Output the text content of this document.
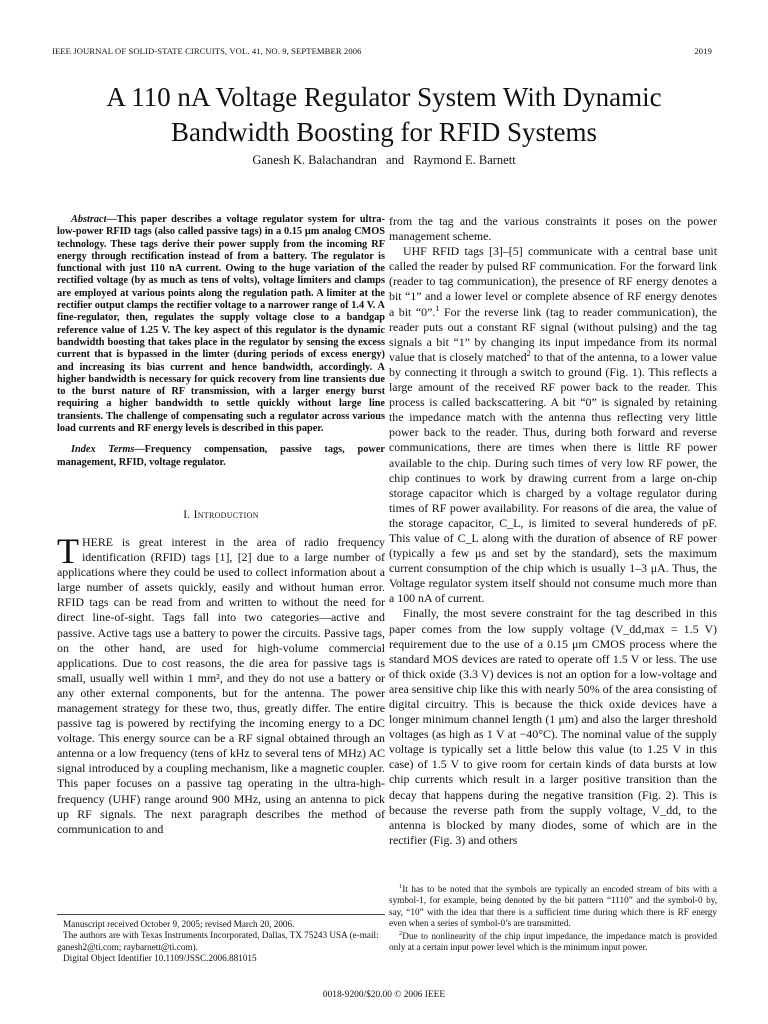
IEEE JOURNAL OF SOLID-STATE CIRCUITS, VOL. 41, NO. 9, SEPTEMBER 2006	2019
A 110 nA Voltage Regulator System With Dynamic
Bandwidth Boosting for RFID Systems
Ganesh K. Balachandran and Raymond E. Barnett
Abstract—This paper describes a voltage regulator system for ultra-low-power RFID tags (also called passive tags) in a 0.15 μm analog CMOS technology. These tags derive their power supply from the incoming RF energy through rectification instead of from a battery. The regulator is functional with just 110 nA current. Owing to the huge variation of the rectified voltage (by as much as tens of volts), voltage limiters and clamps are employed at various points along the regulation path. A limiter at the rectifier output clamps the rectifier voltage to a narrower range of 1.4 V. A fine-regulator, then, regulates the supply voltage close to a bandgap reference value of 1.25 V. The key aspect of this regulator is the dynamic bandwidth boosting that takes place in the regulator by sensing the excess current that is bypassed in the limter (during periods of excess energy) and increasing its bias current and hence bandwidth, accordingly. A higher bandwidth is necessary for quick recovery from line transients due to the burst nature of RF transmission, with a larger energy burst requiring a higher bandwidth to settle quickly without large line transients. The challenge of compensating such a regulator across various load currents and RF energy levels is described in this paper.
Index Terms—Frequency compensation, passive tags, power management, RFID, voltage regulator.
I. Introduction
THERE is great interest in the area of radio frequency identification (RFID) tags [1], [2] due to a large number of applications where they could be used to collect information about a large number of assets quickly, easily and without human error. RFID tags can be read from and written to without the need for direct line-of-sight. Tags fall into two categories—active and passive. Active tags use a battery to power the circuits. Passive tags, on the other hand, are used for high-volume commercial applications. Due to cost reasons, the die area for passive tags is small, usually well within 1 mm², and they do not use a battery or any other external components, but for the antenna. The power management strategy for these two, thus, greatly differ. The entire passive tag is powered by rectifying the incoming energy to a DC voltage. This energy source can be a RF signal obtained through an antenna or a low frequency (tens of kHz to several tens of MHz) AC signal introduced by a coupling mechanism, like a magnetic coupler. This paper focuses on a passive tag operating in the ultra-high-frequency (UHF) range around 900 MHz, using an antenna to pick up RF signals. The next paragraph describes the method of communication to and

from the tag and the various constraints it poses on the power management scheme.

UHF RFID tags [3]–[5] communicate with a central base unit called the reader by pulsed RF communication. For the forward link (reader to tag communication), the presence of RF energy denotes a bit “1” and a lower level or complete absence of RF energy denotes a bit “0”.$^1$ For the reverse link (tag to reader communication), the reader puts out a constant RF signal (without pulsing) and the tag signals a bit “1” by changing its input impedance from its normal value that is closely matched$^2$ to that of the antenna, to a lower value by connecting it through a switch to ground (Fig. 1). This reflects a large amount of the received RF power back to the reader. This process is called backscattering. A bit “0” is signaled by retaining the impedance match with the antenna thus reflecting very little power back to the reader. Thus, during both forward and reverse communications, there are times when there is little RF power available to the chip. During such times of very low RF power, the chip continues to work by drawing current from a large on-chip storage capacitor which is charged by a voltage regulator during times of RF power availability. For reasons of die area, the value of the storage capacitor, C_L, is limited to several hundereds of pF. This value of C_L along with the duration of absence of RF power (typically a few μs and set by the standard), sets the maximum current consumption of the chip which is usually 1–3 μA. Thus, the Voltage regulator system itself should not consume much more than a 100 nA of current.

Finally, the most severe constraint for the tag described in this paper comes from the low supply voltage (V_dd,max = 1.5 V) requirement due to the use of a 0.15 μm CMOS process where the standard MOS devices are rated to operate off 1.5 V or less. The use of thick oxide (3.3 V) devices is not an option for a low-voltage and area sensitive chip like this with nearly 50% of the area consisting of digital circuitry. This is because the thick oxide devices have a longer minimum channel length (1 μm) and also the larger threshold voltages (as high as 1 V at −40°C). The nominal value of the supply voltage is typically set a little below this value (to 1.25 V in this case) of 1.5 V to give room for certain kinds of data bursts at low chip currents which result in a larger positive transition than the decay that happens during the negative transition (Fig. 2). This is because the reverse path from the supply voltage, V_dd, to the antenna is blocked by many diodes, some of which are in the rectifier (Fig. 3) and others

Manuscript received October 9, 2005; revised March 20, 2006.
The authors are with Texas Instruments Incorporated, Dallas, TX 75243 USA (e-mail: ganesh2@ti.com; raybarnett@ti.com).
Digital Object Identifier 10.1109/JSSC.2006.881015
$^1$It has to be noted that the symbols are typically an encoded stream of bits with a symbol-1, for example, being denoted by the bit pattern “1110” and the symbol-0 by, say, “10” with the idea that there is a sufficient time during which there is RF energy even when a series of symbol-0’s are transmitted.
$^2$Due to nonlinearity of the chip input impedance, the impedance match is provided only at a certain input power level which is the minimum input power.
0018-9200/$20.00 © 2006 IEEE
